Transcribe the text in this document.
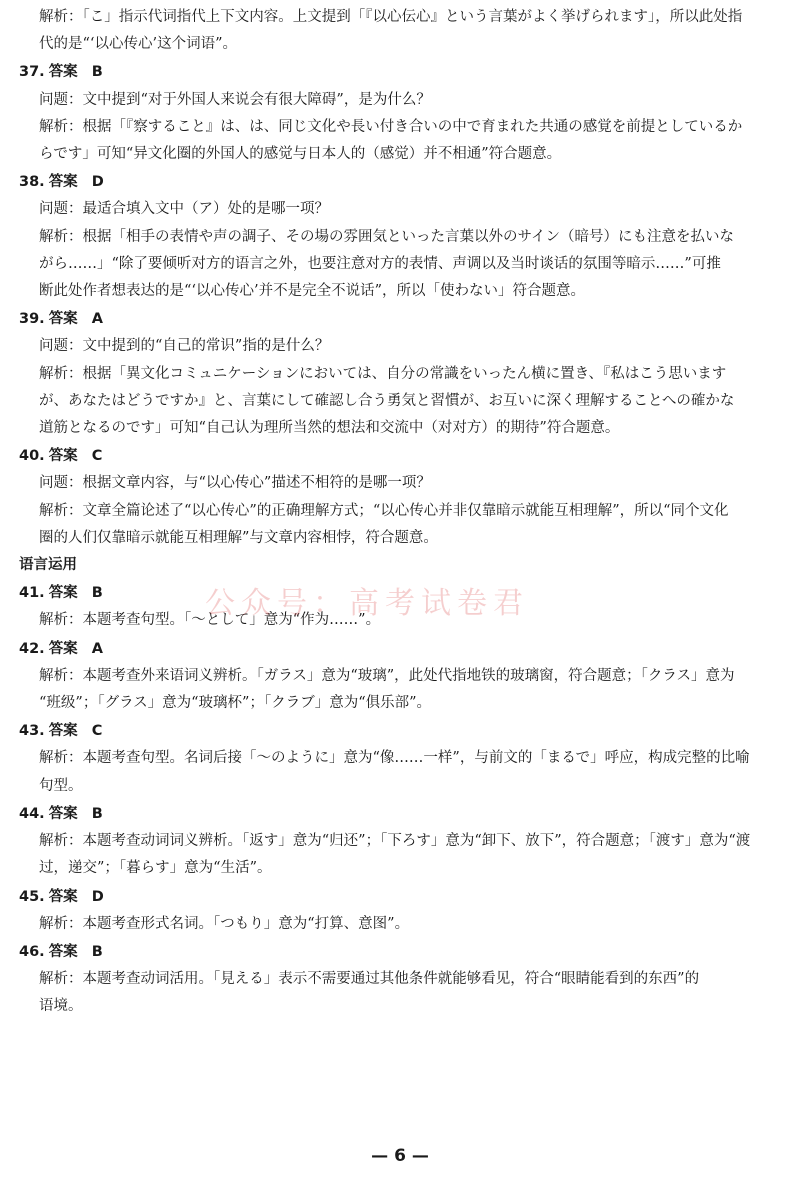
解析：「こ」指示代词指代上下文内容。上文提到「『以心伝心』という言葉がよく挙げられます」，所以此处指

代的是“‘以心传心’这个词语”。

37. 答案 B

问题：文中提到“对于外国人来说会有很大障碍”，是为什么？

解析：根据「『察すること』は、は、同じ文化や長い付き合いの中で育まれた共通の感覚を前提としているか

らです」可知“异文化圈的外国人的感觉与日本人的（感觉）并不相通”符合题意。

38. 答案 D

问题：最适合填入文中（ア）处的是哪一项？

解析：根据「相手の表情や声の調子、その場の雰囲気といった言葉以外のサイン（暗号）にも注意を払いな

がら……」“除了要倾听对方的语言之外，也要注意对方的表情、声调以及当时谈话的氛围等暗示……”可推

断此处作者想表达的是“‘以心传心’并不是完全不说话”，所以「使わない」符合题意。

39. 答案 A

问题：文中提到的“自己的常识”指的是什么？

解析：根据「異文化コミュニケーションにおいては、自分の常識をいったん横に置き、『私はこう思います

が、あなたはどうですか』と、言葉にして確認し合う勇気と習慣が、お互いに深く理解することへの確かな

道筋となるのです」可知“自己认为理所当然的想法和交流中（对对方）的期待”符合题意。

40. 答案 C

问题：根据文章内容，与“以心传心”描述不相符的是哪一项？

解析：文章全篇论述了“以心传心”的正确理解方式；“以心传心并非仅靠暗示就能互相理解”，所以“同个文化

圈的人们仅靠暗示就能互相理解”与文章内容相悖，符合题意。

语言运用

41. 答案 B

解析：本题考查句型。「～として」意为“作为……”。

42. 答案 A

解析：本题考查外来语词义辨析。「ガラス」意为“玻璃”，此处代指地铁的玻璃窗，符合题意；「クラス」意为

“班级”；「グラス」意为“玻璃杯”；「クラブ」意为“俱乐部”。

43. 答案 C

解析：本题考查句型。名词后接「～のように」意为“像……一样”，与前文的「まるで」呼应，构成完整的比喻

句型。

44. 答案 B

解析：本题考查动词词义辨析。「返す」意为“归还”；「下ろす」意为“卸下、放下”，符合题意；「渡す」意为“渡

过，递交”；「暮らす」意为“生活”。

45. 答案 D

解析：本题考查形式名词。「つもり」意为“打算、意图”。

46. 答案 B

解析：本题考查动词活用。「見える」表示不需要通过其他条件就能够看见，符合“眼睛能看到的东西”的

语境。

公众号：高考试卷君
— 6 —
